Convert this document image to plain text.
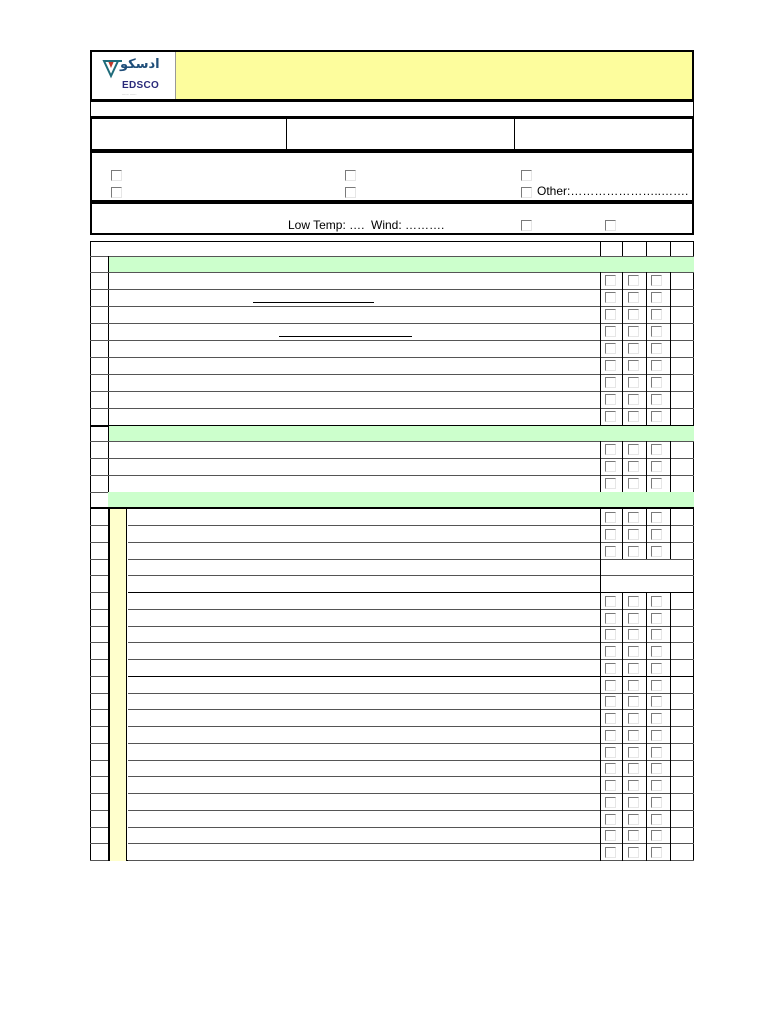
ادسكو
EDSCO
...... ......
Other:…………………..…….
Low Temp: …. Wind: ……….
